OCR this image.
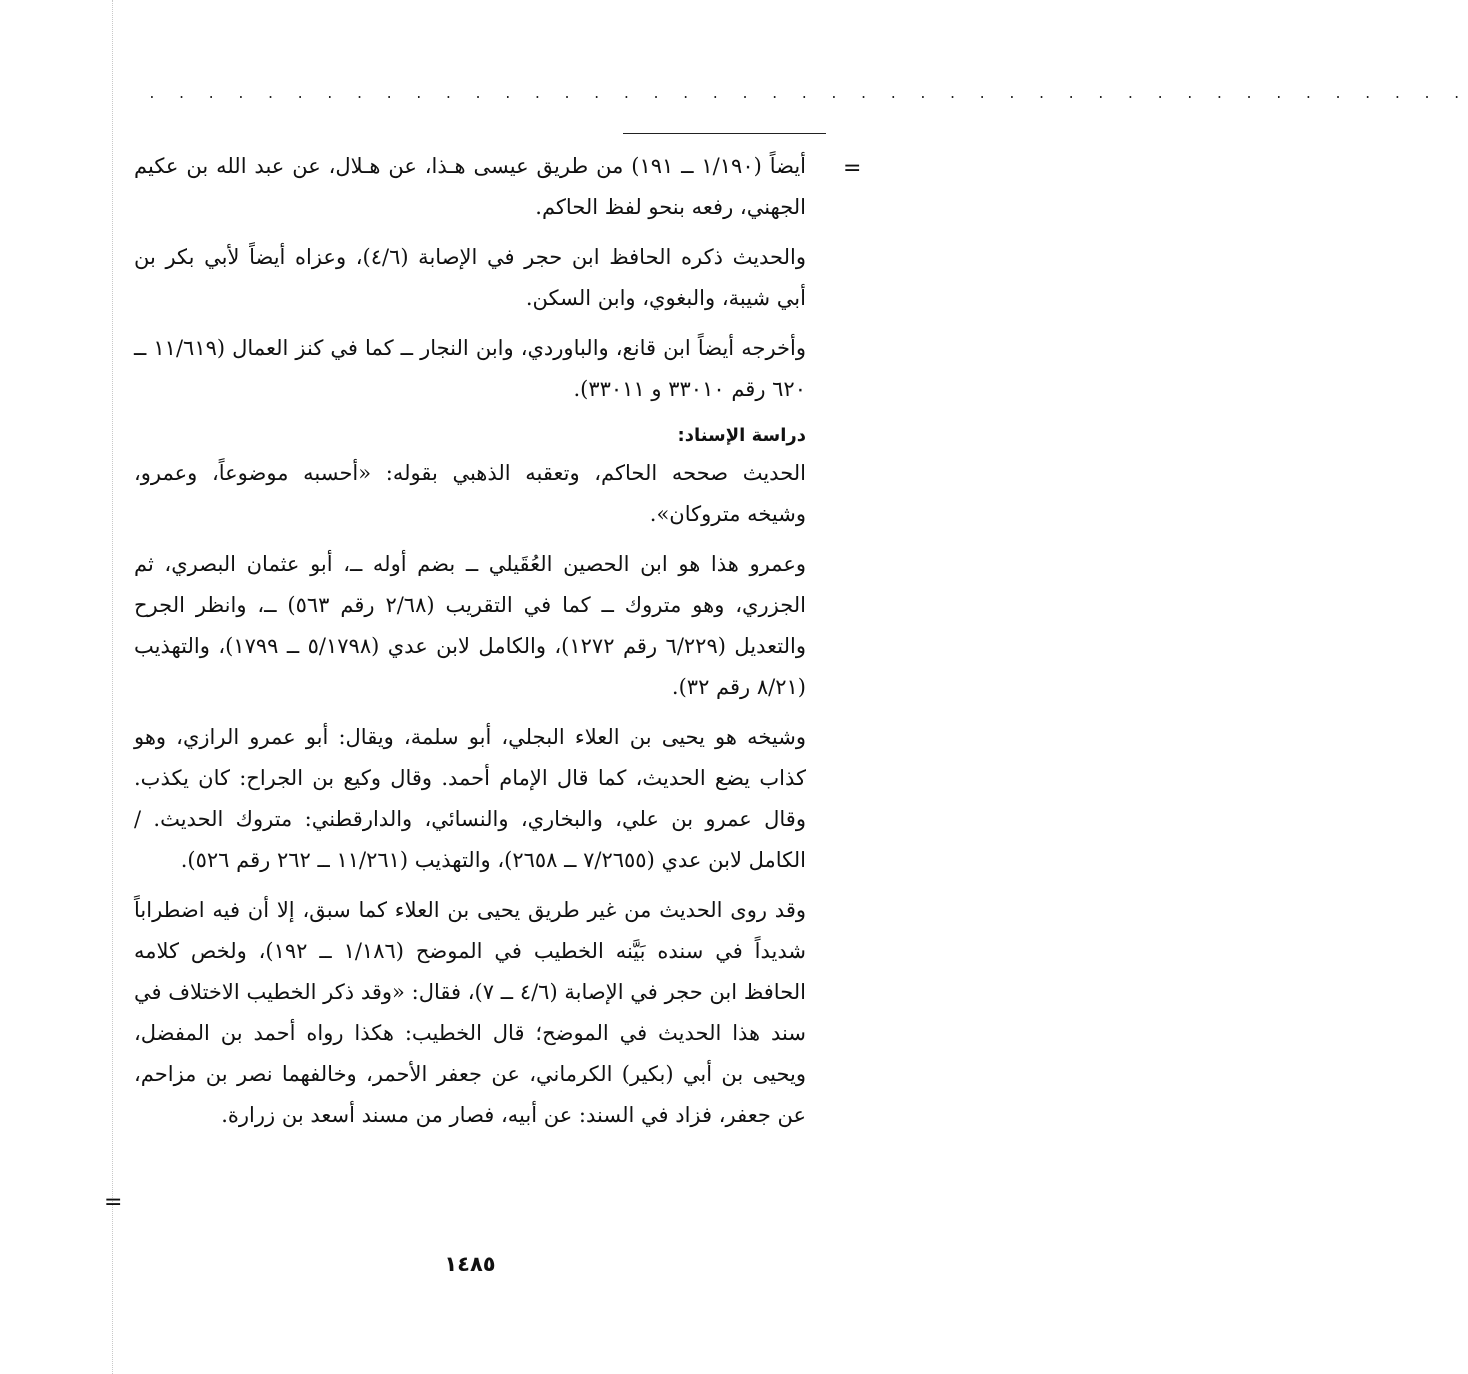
. . . . . . . . . . . . . . . . . . . . . . . . . . . . . . . . . . . . . . . . . . . . .
=

أيضاً (١/١٩٠ ــ ١٩١) من طريق عيسى هـذا، عن هـلال، عن عبد الله بن عكيم الجهني، رفعه بنحو لفظ الحاكم.

والحديث ذكره الحافظ ابن حجر في الإصابة (٤/٦)، وعزاه أيضاً لأبي بكر بن أبي شيبة، والبغوي، وابن السكن.

وأخرجه أيضاً ابن قانع، والباوردي، وابن النجار ــ كما في كنز العمال (١١/٦١٩ ــ ٦٢٠ رقم ٣٣٠١٠ و ٣٣٠١١).

دراسة الإسناد:

الحديث صححه الحاكم، وتعقبه الذهبي بقوله: «أحسبه موضوعاً، وعمرو، وشيخه متروكان».

وعمرو هذا هو ابن الحصين العُقَيلي ــ بضم أوله ــ، أبو عثمان البصري، ثم الجزري، وهو متروك ــ كما في التقريب (٢/٦٨ رقم ٥٦٣) ــ، وانظر الجرح والتعديل (٦/٢٢٩ رقم ١٢٧٢)، والكامل لابن عدي (٥/١٧٩٨ ــ ١٧٩٩)، والتهذيب (٨/٢١ رقم ٣٢).

وشيخه هو يحيى بن العلاء البجلي، أبو سلمة، ويقال: أبو عمرو الرازي، وهو كذاب يضع الحديث، كما قال الإمام أحمد. وقال وكيع بن الجراح: كان يكذب. وقال عمرو بن علي، والبخاري، والنسائي، والدارقطني: متروك الحديث. / الكامل لابن عدي (٧/٢٦٥٥ ــ ٢٦٥٨)، والتهذيب (١١/٢٦١ ــ ٢٦٢ رقم ٥٢٦).

وقد روى الحديث من غير طريق يحيى بن العلاء كما سبق، إلا أن فيه اضطراباً شديداً في سنده بَيَّنه الخطيب في الموضح (١/١٨٦ ــ ١٩٢)، ولخص كلامه الحافظ ابن حجر في الإصابة (٤/٦ ــ ٧)، فقال: «وقد ذكر الخطيب الاختلاف في سند هذا الحديث في الموضح؛ قال الخطيب: هكذا رواه أحمد بن المفضل، ويحيى بن أبي (بكير) الكرماني، عن جعفر الأحمر، وخالفهما نصر بن مزاحم، عن جعفر، فزاد في السند: عن أبيه، فصار من مسند أسعد بن زرارة.

=
١٤٨٥
